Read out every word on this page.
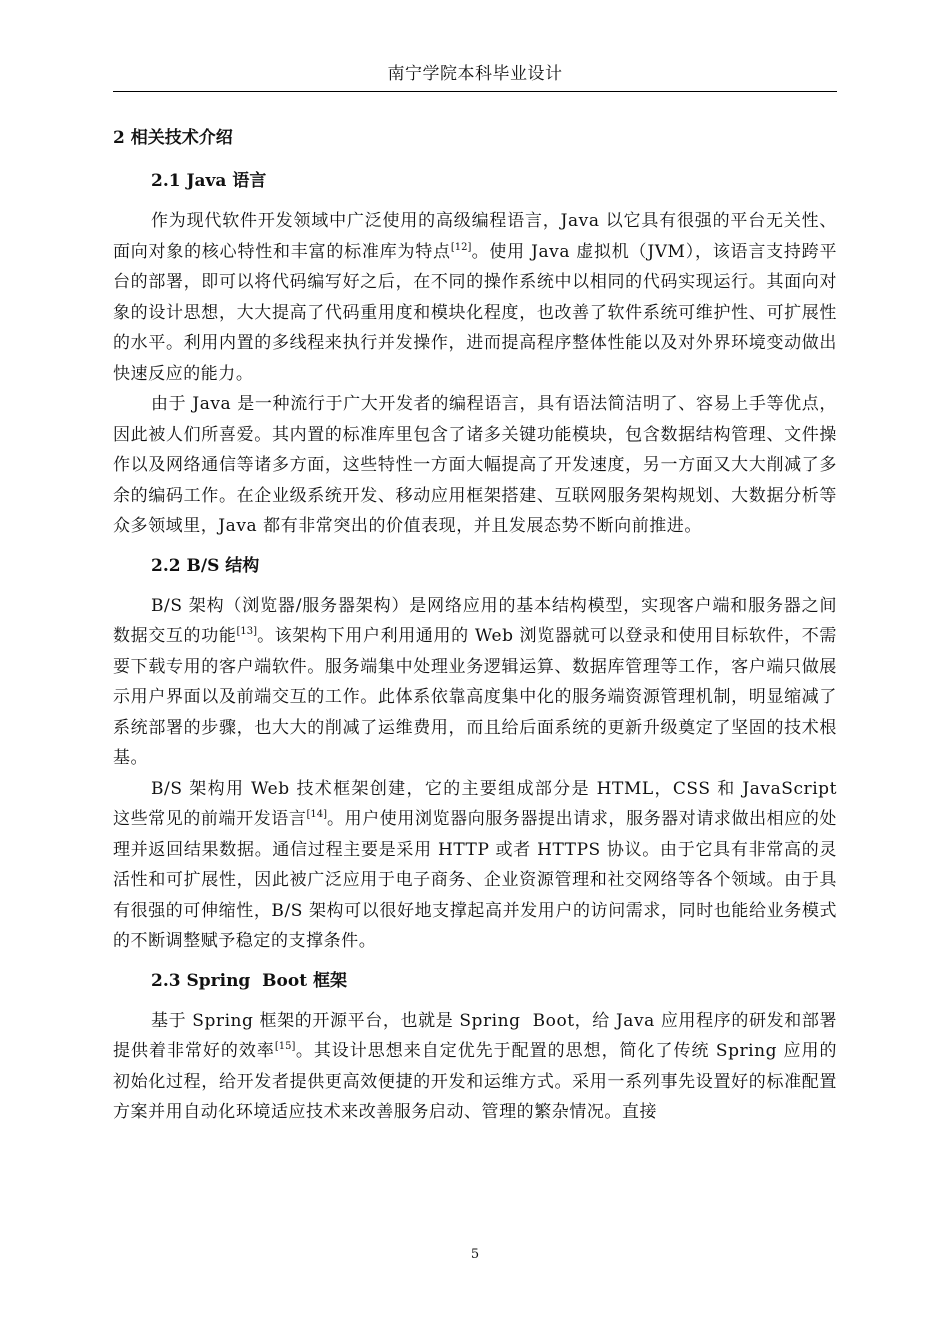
南宁学院本科毕业设计
2 相关技术介绍
2.1 Java 语言

作为现代软件开发领域中广泛使用的高级编程语言，Java 以它具有很强的平台无关性、面向对象的核心特性和丰富的标准库为特点[12]。使用 Java 虚拟机（JVM），该语言支持跨平台的部署，即可以将代码编写好之后，在不同的操作系统中以相同的代码实现运行。其面向对象的设计思想，大大提高了代码重用度和模块化程度，也改善了软件系统可维护性、可扩展性的水平。利用内置的多线程来执行并发操作，进而提高程序整体性能以及对外界环境变动做出快速反应的能力。

由于 Java 是一种流行于广大开发者的编程语言，具有语法简洁明了、容易上手等优点，因此被人们所喜爱。其内置的标准库里包含了诸多关键功能模块，包含数据结构管理、文件操作以及网络通信等诸多方面，这些特性一方面大幅提高了开发速度，另一方面又大大削减了多余的编码工作。在企业级系统开发、移动应用框架搭建、互联网服务架构规划、大数据分析等众多领域里，Java 都有非常突出的价值表现，并且发展态势不断向前推进。

2.2 B/S 结构

B/S 架构（浏览器/服务器架构）是网络应用的基本结构模型，实现客户端和服务器之间数据交互的功能[13]。该架构下用户利用通用的 Web 浏览器就可以登录和使用目标软件，不需要下载专用的客户端软件。服务端集中处理业务逻辑运算、数据库管理等工作，客户端只做展示用户界面以及前端交互的工作。此体系依靠高度集中化的服务端资源管理机制，明显缩减了系统部署的步骤，也大大的削减了运维费用，而且给后面系统的更新升级奠定了坚固的技术根基。

B/S 架构用 Web 技术框架创建，它的主要组成部分是 HTML，CSS 和 JavaScript 这些常见的前端开发语言[14]。用户使用浏览器向服务器提出请求，服务器对请求做出相应的处理并返回结果数据。通信过程主要是采用 HTTP 或者 HTTPS 协议。由于它具有非常高的灵活性和可扩展性，因此被广泛应用于电子商务、企业资源管理和社交网络等各个领域。由于具有很强的可伸缩性，B/S 架构可以很好地支撑起高并发用户的访问需求，同时也能给业务模式的不断调整赋予稳定的支撑条件。

2.3 Spring  Boot 框架

基于 Spring 框架的开源平台，也就是 Spring  Boot，给 Java 应用程序的研发和部署提供着非常好的效率[15]。其设计思想来自定优先于配置的思想，简化了传统 Spring 应用的初始化过程，给开发者提供更高效便捷的开发和运维方式。采用一系列事先设置好的标准配置方案并用自动化环境适应技术来改善服务启动、管理的繁杂情况。直接

5
